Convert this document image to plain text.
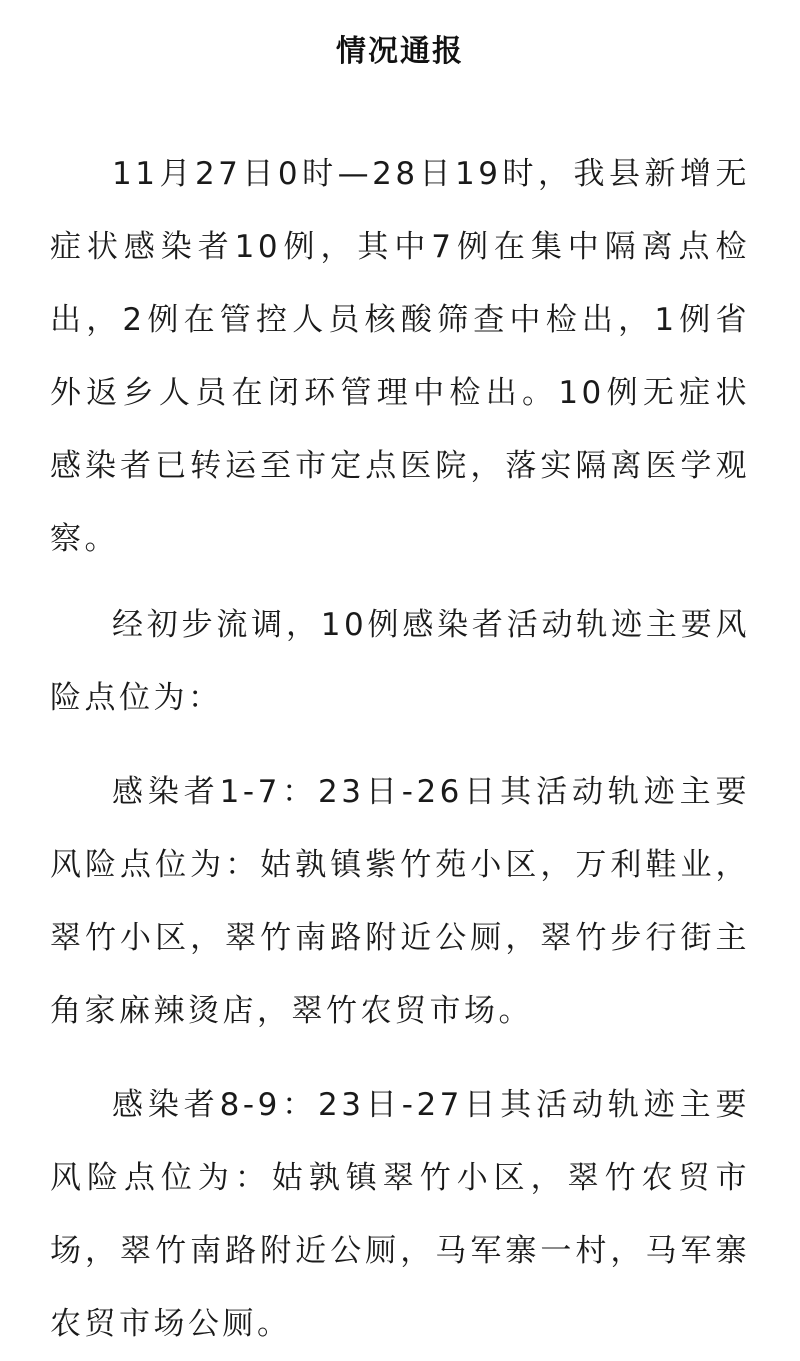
情况通报

11月27日0时—28日19时，我县新增无症状感染者10例，其中7例在集中隔离点检出，2例在管控人员核酸筛查中检出，1例省外返乡人员在闭环管理中检出。10例无症状感染者已转运至市定点医院，落实隔离医学观察。

经初步流调，10例感染者活动轨迹主要风险点位为：

感染者1-7：23日-26日其活动轨迹主要风险点位为：姑孰镇紫竹苑小区，万利鞋业，翠竹小区，翠竹南路附近公厕，翠竹步行街主角家麻辣烫店，翠竹农贸市场。

感染者8-9：23日-27日其活动轨迹主要风险点位为：姑孰镇翠竹小区，翠竹农贸市场，翠竹南路附近公厕，马军寨一村，马军寨农贸市场公厕。
